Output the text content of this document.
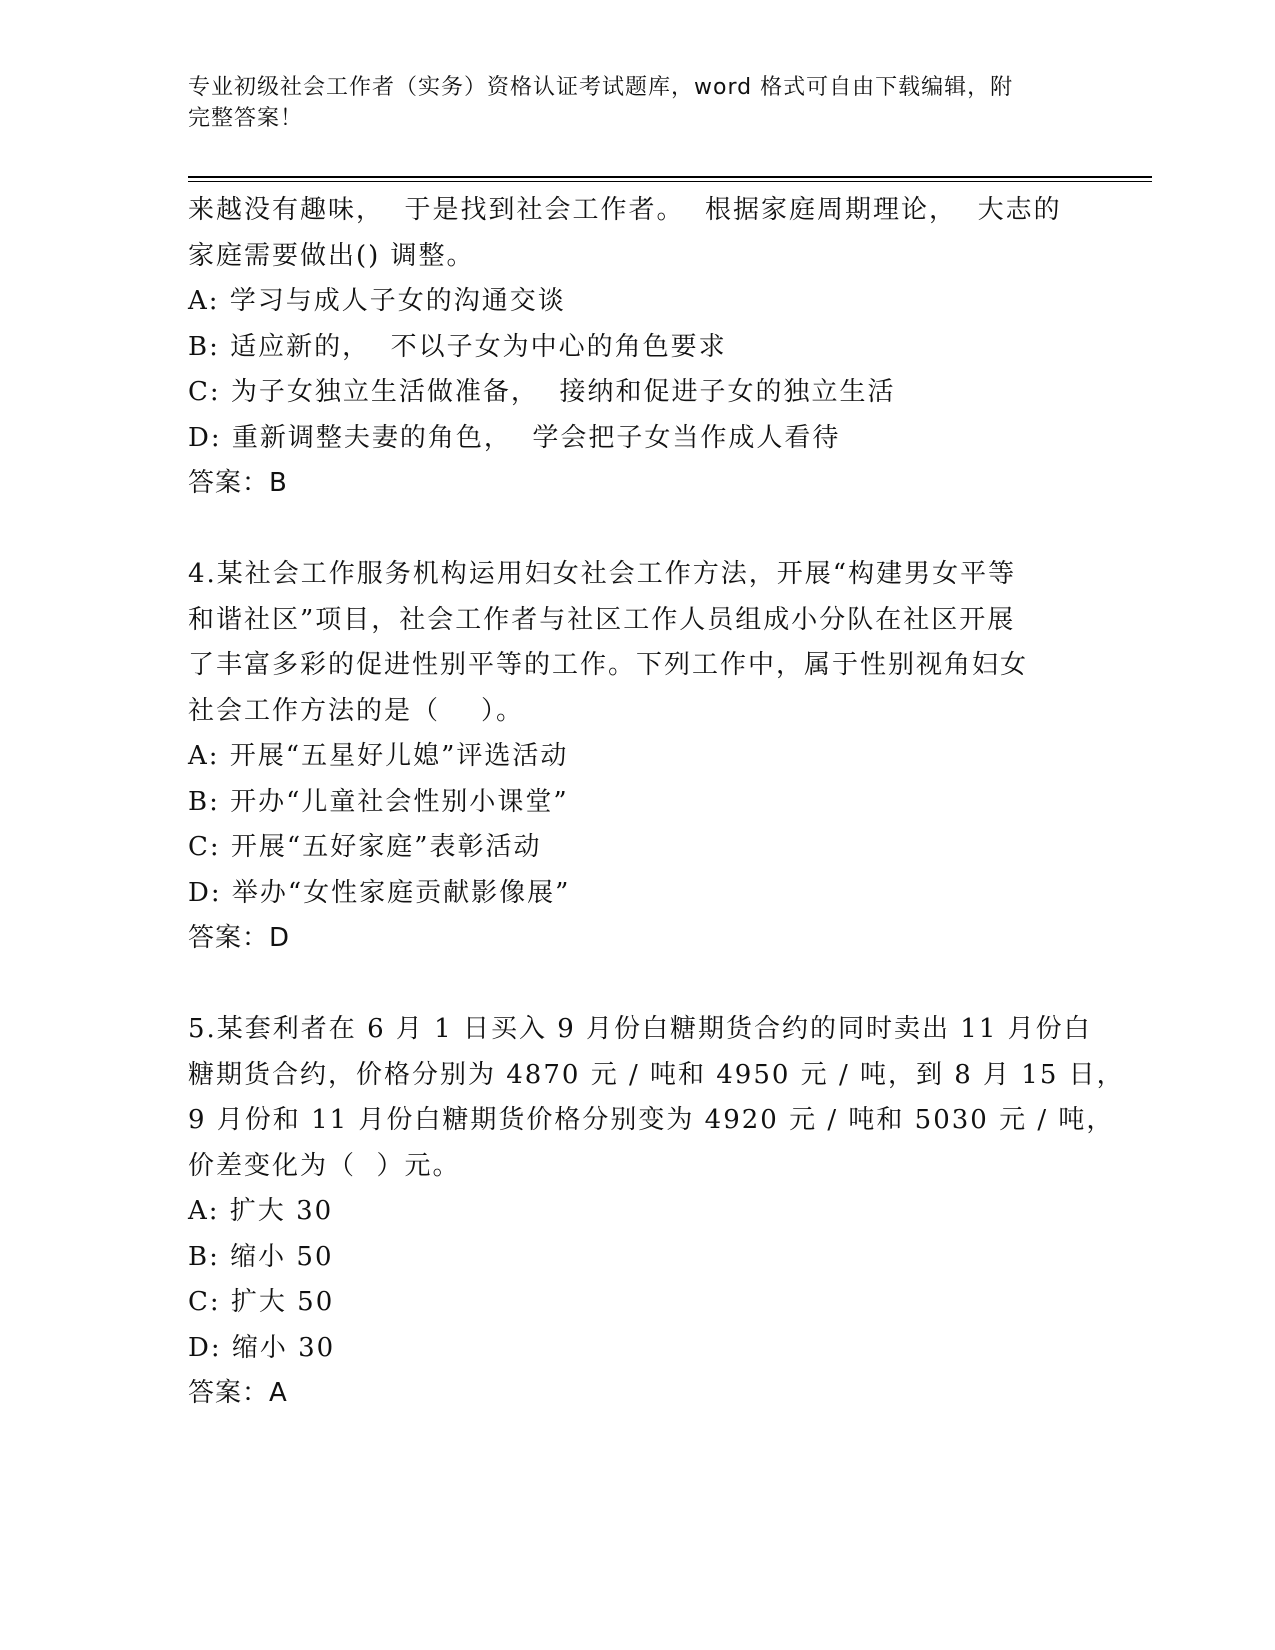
专业初级社会工作者（实务）资格认证考试题库，word 格式可自由下载编辑，附
完整答案！
来越没有趣味，  于是找到社会工作者。  根据家庭周期理论，  大志的
家庭需要做出() 调整。
A: 学习与成人子女的沟通交谈
B: 适应新的，  不以子女为中心的角色要求
C: 为子女独立生活做准备，  接纳和促进子女的独立生活
D: 重新调整夫妻的角色，  学会把子女当作成人看待
答案：B
4.某社会工作服务机构运用妇女社会工作方法，开展“构建男女平等
和谐社区”项目，社会工作者与社区工作人员组成小分队在社区开展
了丰富多彩的促进性别平等的工作。下列工作中，属于性别视角妇女
社会工作方法的是（    ）。
A: 开展“五星好儿媳”评选活动
B: 开办“儿童社会性别小课堂”
C: 开展“五好家庭”表彰活动
D: 举办“女性家庭贡献影像展”
答案：D
5.某套利者在 6 月 1 日买入 9 月份白糖期货合约的同时卖出 11 月份白
糖期货合约，价格分别为 4870 元 / 吨和 4950 元 / 吨，到 8 月 15 日，
9 月份和 11 月份白糖期货价格分别变为 4920 元 / 吨和 5030 元 / 吨，
价差变化为（  ）元。
A: 扩大 30
B: 缩小 50
C: 扩大 50
D: 缩小 30
答案：A
